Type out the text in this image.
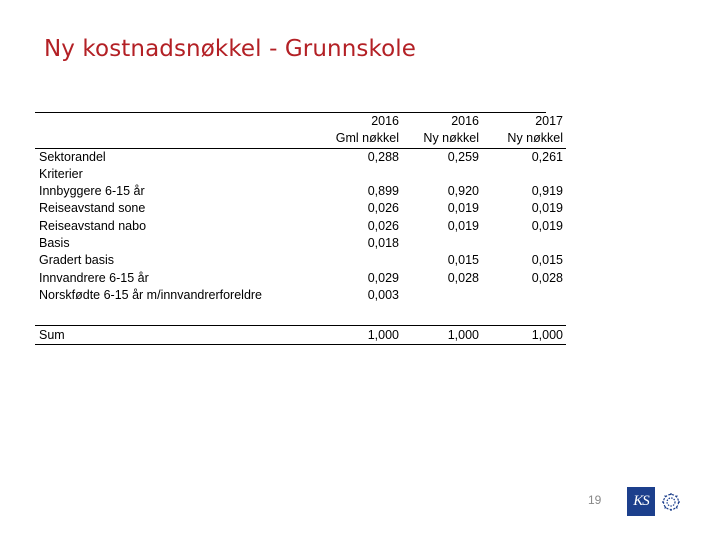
Ny kostnadsnøkkel - Grunnskole
	2016	2016	2017
	Gml nøkkel	Ny nøkkel	Ny nøkkel
Sektorandel	0,288	0,259	0,261
Kriterier			
Innbyggere 6-15 år	0,899	0,920	0,919
Reiseavstand sone	0,026	0,019	0,019
Reiseavstand nabo	0,026	0,019	0,019
Basis	0,018		
Gradert basis		0,015	0,015
Innvandrere 6-15 år	0,029	0,028	0,028
Norskfødte 6-15 år m/innvandrerforeldre	0,003		

Sum	1,000	1,000	1,000
19	KS
